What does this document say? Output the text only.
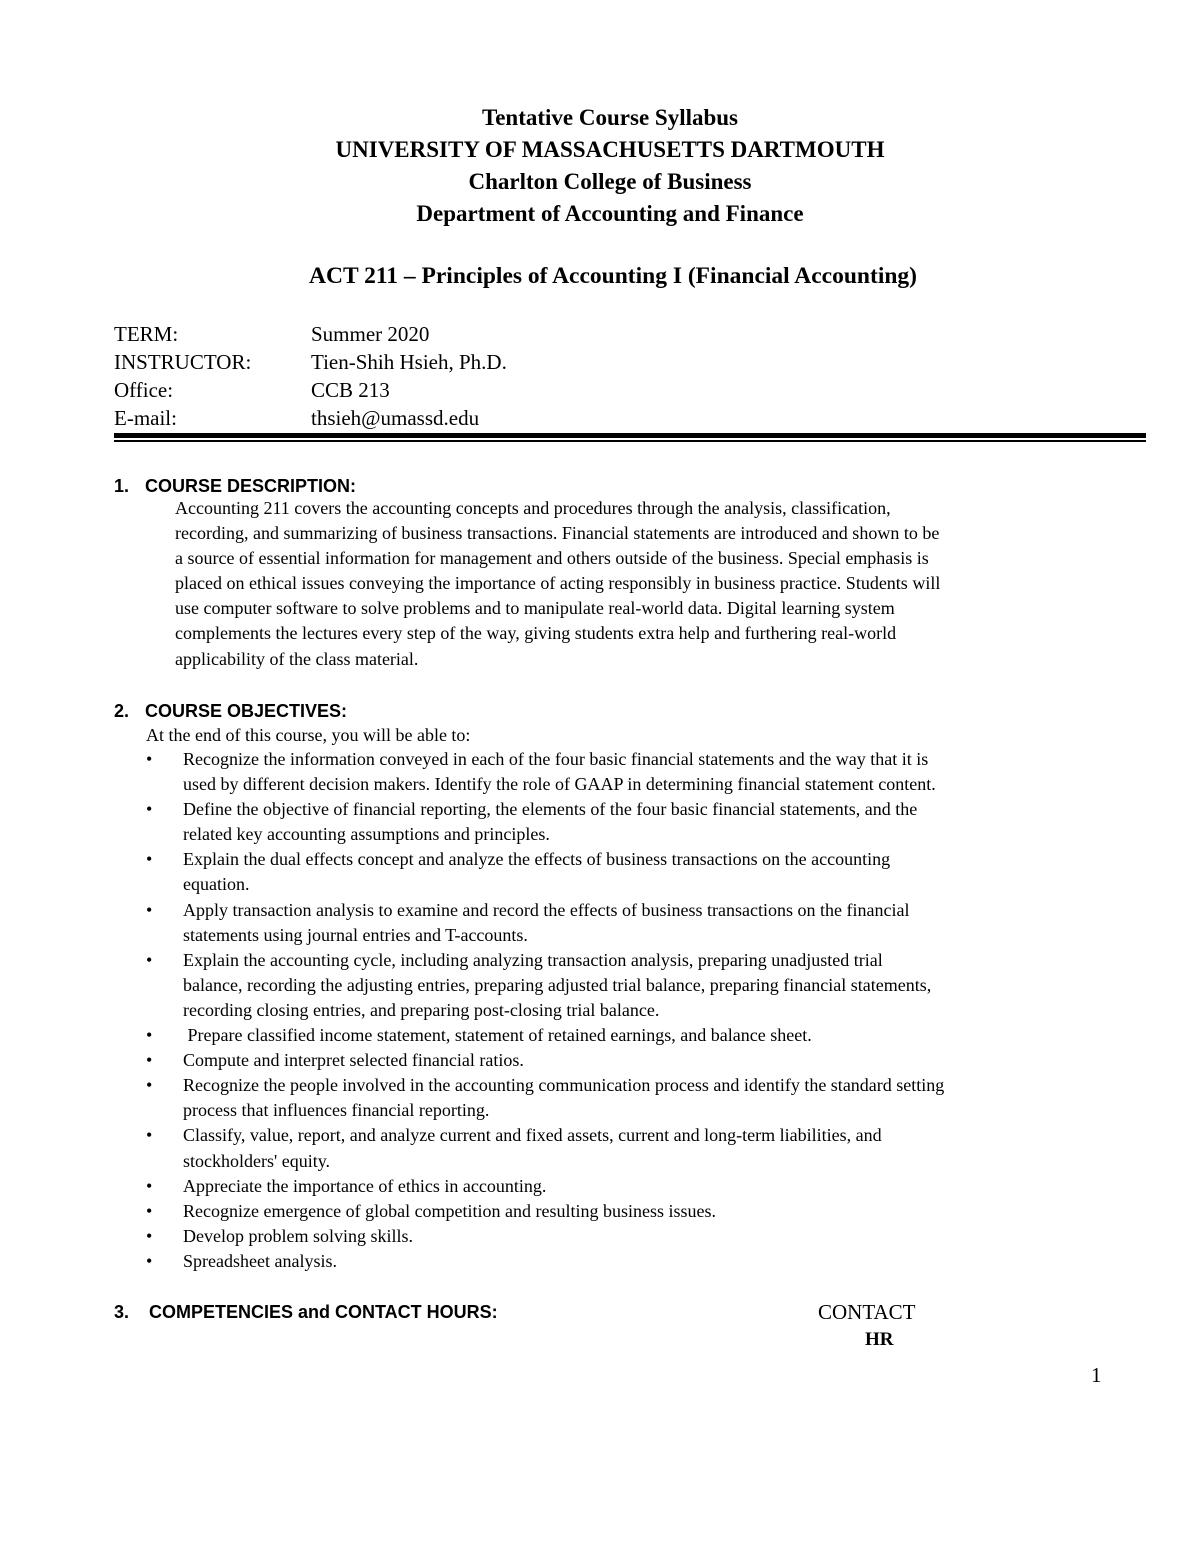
Tentative Course Syllabus
UNIVERSITY OF MASSACHUSETTS DARTMOUTH
Charlton College of Business
Department of Accounting and Finance
ACT 211 – Principles of Accounting I (Financial Accounting)
TERM:	Summer 2020
INSTRUCTOR:	Tien-Shih Hsieh, Ph.D.
Office:	CCB 213
E-mail:	thsieh@umassd.edu
1. COURSE DESCRIPTION:
Accounting 211 covers the accounting concepts and procedures through the analysis, classification,
recording, and summarizing of business transactions. Financial statements are introduced and shown to be
a source of essential information for management and others outside of the business. Special emphasis is
placed on ethical issues conveying the importance of acting responsibly in business practice. Students will
use computer software to solve problems and to manipulate real-world data. Digital learning system
complements the lectures every step of the way, giving students extra help and furthering real-world
applicability of the class material.
2. COURSE OBJECTIVES:
At the end of this course, you will be able to:
• Recognize the information conveyed in each of the four basic financial statements and the way that it is
used by different decision makers. Identify the role of GAAP in determining financial statement content.
• Define the objective of financial reporting, the elements of the four basic financial statements, and the
related key accounting assumptions and principles.
• Explain the dual effects concept and analyze the effects of business transactions on the accounting
equation.
• Apply transaction analysis to examine and record the effects of business transactions on the financial
statements using journal entries and T-accounts.
• Explain the accounting cycle, including analyzing transaction analysis, preparing unadjusted trial
balance, recording the adjusting entries, preparing adjusted trial balance, preparing financial statements,
recording closing entries, and preparing post-closing trial balance.
• Prepare classified income statement, statement of retained earnings, and balance sheet.
• Compute and interpret selected financial ratios.
• Recognize the people involved in the accounting communication process and identify the standard setting
process that influences financial reporting.
• Classify, value, report, and analyze current and fixed assets, current and long-term liabilities, and
stockholders' equity.
• Appreciate the importance of ethics in accounting.
• Recognize emergence of global competition and resulting business issues.
• Develop problem solving skills.
• Spreadsheet analysis.
3.	COMPETENCIES and CONTACT HOURS:	CONTACT
HR
1
